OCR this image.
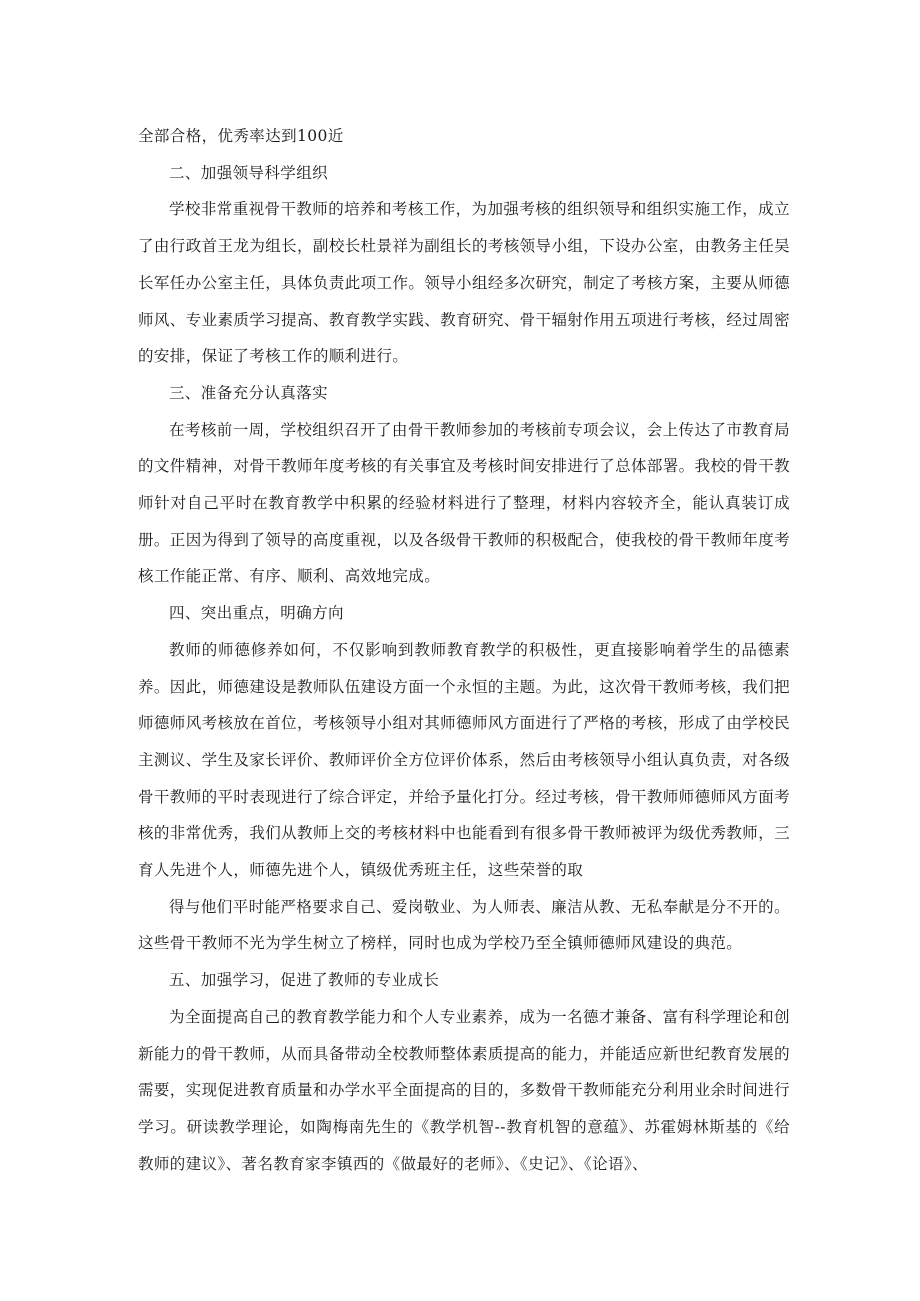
全部合格，优秀率达到100近

二、加强领导科学组织

学校非常重视骨干教师的培养和考核工作，为加强考核的组织领导和组织实施工作，成立了由行政首王龙为组长，副校长杜景祥为副组长的考核领导小组，下设办公室，由教务主任吴长军任办公室主任，具体负责此项工作。领导小组经多次研究，制定了考核方案，主要从师德师风、专业素质学习提高、教育教学实践、教育研究、骨干辐射作用五项进行考核，经过周密的安排，保证了考核工作的顺利进行。

三、准备充分认真落实

在考核前一周，学校组织召开了由骨干教师参加的考核前专项会议，会上传达了市教育局的文件精神，对骨干教师年度考核的有关事宜及考核时间安排进行了总体部署。我校的骨干教师针对自己平时在教育教学中积累的经验材料进行了整理，材料内容较齐全，能认真装订成册。正因为得到了领导的高度重视，以及各级骨干教师的积极配合，使我校的骨干教师年度考核工作能正常、有序、顺利、高效地完成。

四、突出重点，明确方向

教师的师德修养如何，不仅影响到教师教育教学的积极性，更直接影响着学生的品德素养。因此，师德建设是教师队伍建设方面一个永恒的主题。为此，这次骨干教师考核，我们把师德师风考核放在首位，考核领导小组对其师德师风方面进行了严格的考核，形成了由学校民主测议、学生及家长评价、教师评价全方位评价体系，然后由考核领导小组认真负责，对各级骨干教师的平时表现进行了综合评定，并给予量化打分。经过考核，骨干教师师德师风方面考核的非常优秀，我们从教师上交的考核材料中也能看到有很多骨干教师被评为级优秀教师，三育人先进个人，师德先进个人，镇级优秀班主任，这些荣誉的取

得与他们平时能严格要求自己、爱岗敬业、为人师表、廉洁从教、无私奉献是分不开的。这些骨干教师不光为学生树立了榜样，同时也成为学校乃至全镇师德师风建设的典范。

五、加强学习，促进了教师的专业成长

为全面提高自己的教育教学能力和个人专业素养，成为一名德才兼备、富有科学理论和创新能力的骨干教师，从而具备带动全校教师整体素质提高的能力，并能适应新世纪教育发展的需要，实现促进教育质量和办学水平全面提高的目的，多数骨干教师能充分利用业余时间进行学习。研读教学理论，如陶梅南先生的《教学机智--教育机智的意蕴》、苏霍姆林斯基的《给教师的建议》、著名教育家李镇西的《做最好的老师》、《史记》、《论语》、
